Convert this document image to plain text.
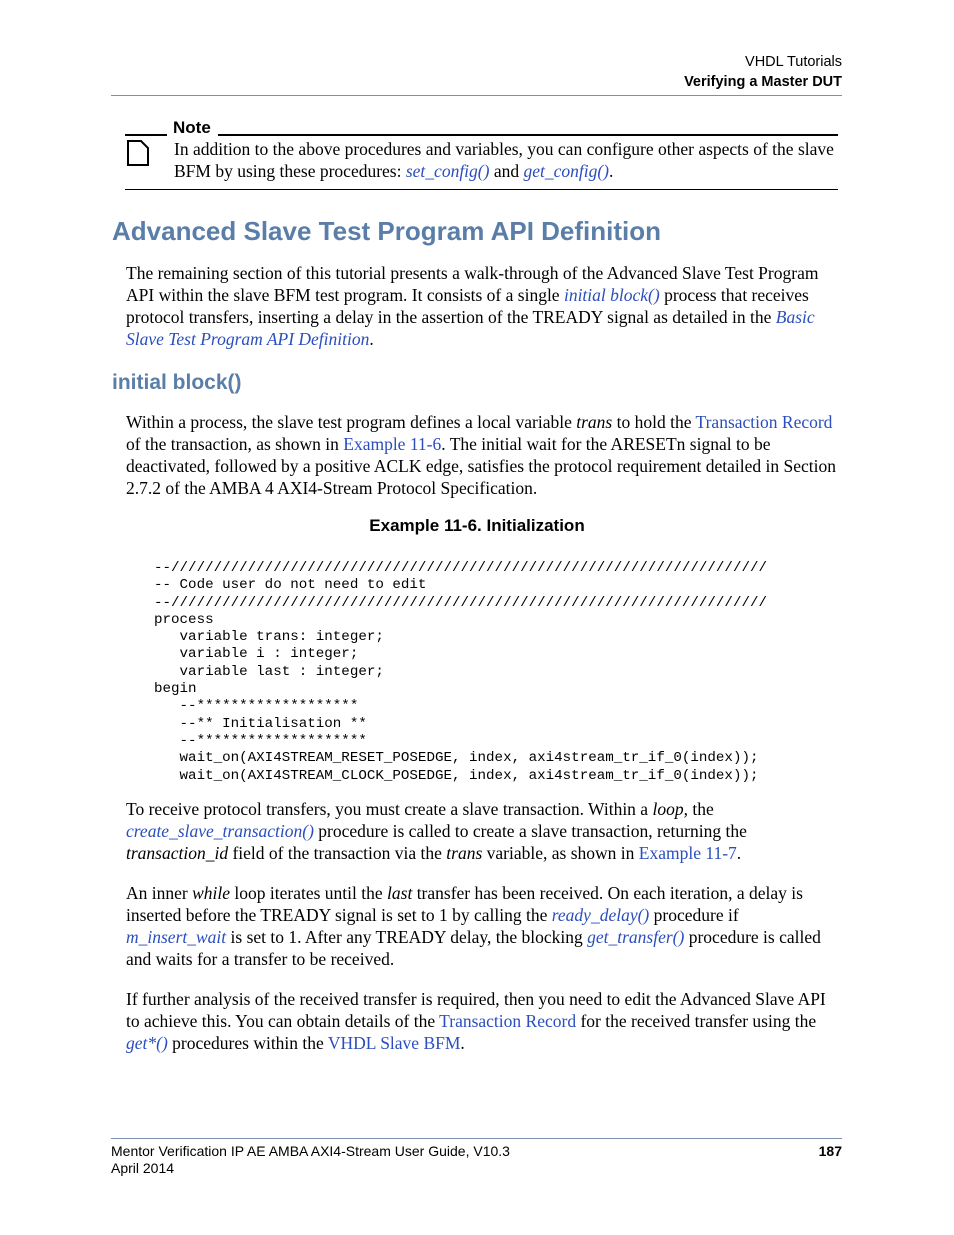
VHDL Tutorials
Verifying a Master DUT
Note
In addition to the above procedures and variables, you can configure other aspects of the slave BFM by using these procedures: set_config() and get_config().
Advanced Slave Test Program API Definition
The remaining section of this tutorial presents a walk-through of the Advanced Slave Test Program API within the slave BFM test program. It consists of a single initial block() process that receives protocol transfers, inserting a delay in the assertion of the TREADY signal as detailed in the Basic Slave Test Program API Definition.
initial block()
Within a process, the slave test program defines a local variable trans to hold the Transaction Record of the transaction, as shown in Example 11-6. The initial wait for the ARESETn signal to be deactivated, followed by a positive ACLK edge, satisfies the protocol requirement detailed in Section 2.7.2 of the AMBA 4 AXI4-Stream Protocol Specification.
Example 11-6. Initialization
--//////////////////////////////////////////////////////////////////////
-- Code user do not need to edit
--//////////////////////////////////////////////////////////////////////
process
variable trans: integer;
variable i : integer;
variable last : integer;
begin
--*******************
--** Initialisation **
--********************
wait_on(AXI4STREAM_RESET_POSEDGE, index, axi4stream_tr_if_0(index));
wait_on(AXI4STREAM_CLOCK_POSEDGE, index, axi4stream_tr_if_0(index));
To receive protocol transfers, you must create a slave transaction. Within a loop, the create_slave_transaction() procedure is called to create a slave transaction, returning the transaction_id field of the transaction via the trans variable, as shown in Example 11-7.
An inner while loop iterates until the last transfer has been received. On each iteration, a delay is inserted before the TREADY signal is set to 1 by calling the ready_delay() procedure if m_insert_wait is set to 1. After any TREADY delay, the blocking get_transfer() procedure is called and waits for a transfer to be received.
If further analysis of the received transfer is required, then you need to edit the Advanced Slave API to achieve this. You can obtain details of the Transaction Record for the received transfer using the get*() procedures within the VHDL Slave BFM.
Mentor Verification IP AE AMBA AXI4-Stream User Guide, V10.3
April 2014
187
